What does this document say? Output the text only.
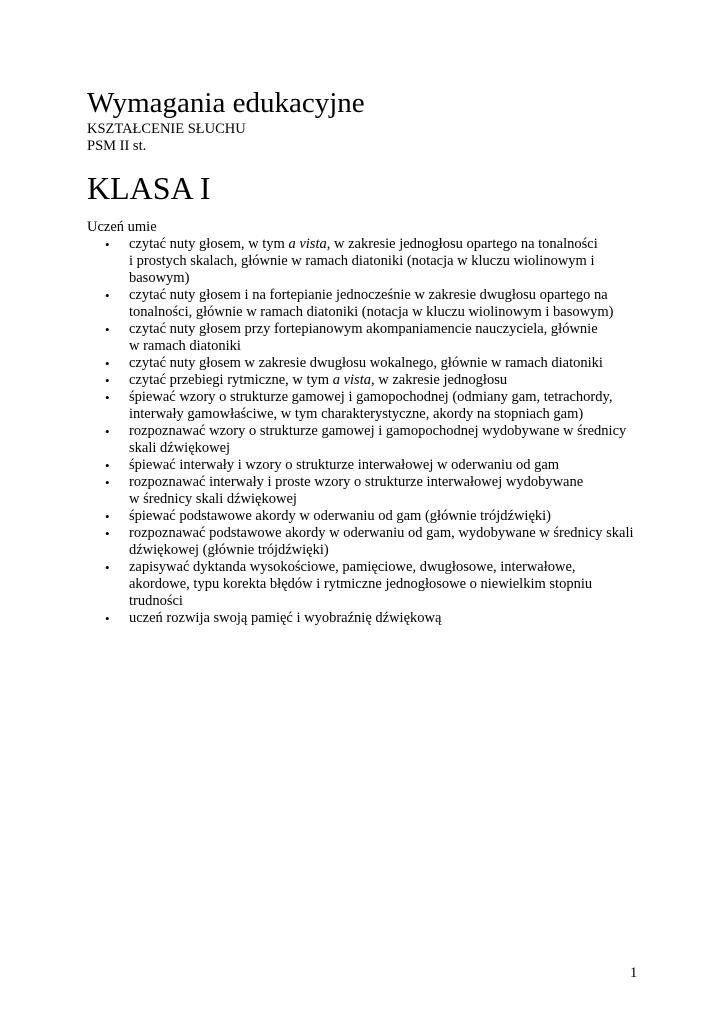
Wymagania edukacyjne

KSZTAŁCENIE SŁUCHU

PSM II st.

KLASA I

Uczeń umie

•	czytać nuty głosem, w tym a vista, w zakresie jednogłosu opartego na tonalności
i prostych skalach, głównie w ramach diatoniki (notacja w kluczu wiolinowym i
basowym)
•	czytać nuty głosem i na fortepianie jednocześnie w zakresie dwugłosu opartego na
tonalności, głównie w ramach diatoniki (notacja w kluczu wiolinowym i basowym)
•	czytać nuty głosem przy fortepianowym akompaniamencie nauczyciela, głównie
w ramach diatoniki
•	czytać nuty głosem w zakresie dwugłosu wokalnego, głównie w ramach diatoniki
•	czytać przebiegi rytmiczne, w tym a vista, w zakresie jednogłosu
•	śpiewać wzory o strukturze gamowej i gamopochodnej (odmiany gam, tetrachordy,
interwały gamowłaściwe, w tym charakterystyczne, akordy na stopniach gam)
•	rozpoznawać wzory o strukturze gamowej i gamopochodnej wydobywane w średnicy
skali dźwiękowej
•	śpiewać interwały i wzory o strukturze interwałowej w oderwaniu od gam
•	rozpoznawać interwały i proste wzory o strukturze interwałowej wydobywane
w średnicy skali dźwiękowej
•	śpiewać podstawowe akordy w oderwaniu od gam (głównie trójdźwięki)
•	rozpoznawać podstawowe akordy w oderwaniu od gam, wydobywane w średnicy skali
dźwiękowej (głównie trójdźwięki)
•	zapisywać dyktanda wysokościowe, pamięciowe, dwugłosowe, interwałowe,
akordowe, typu korekta błędów i rytmiczne jednogłosowe o niewielkim stopniu
trudności
•	uczeń rozwija swoją pamięć i wyobraźnię dźwiękową
1
